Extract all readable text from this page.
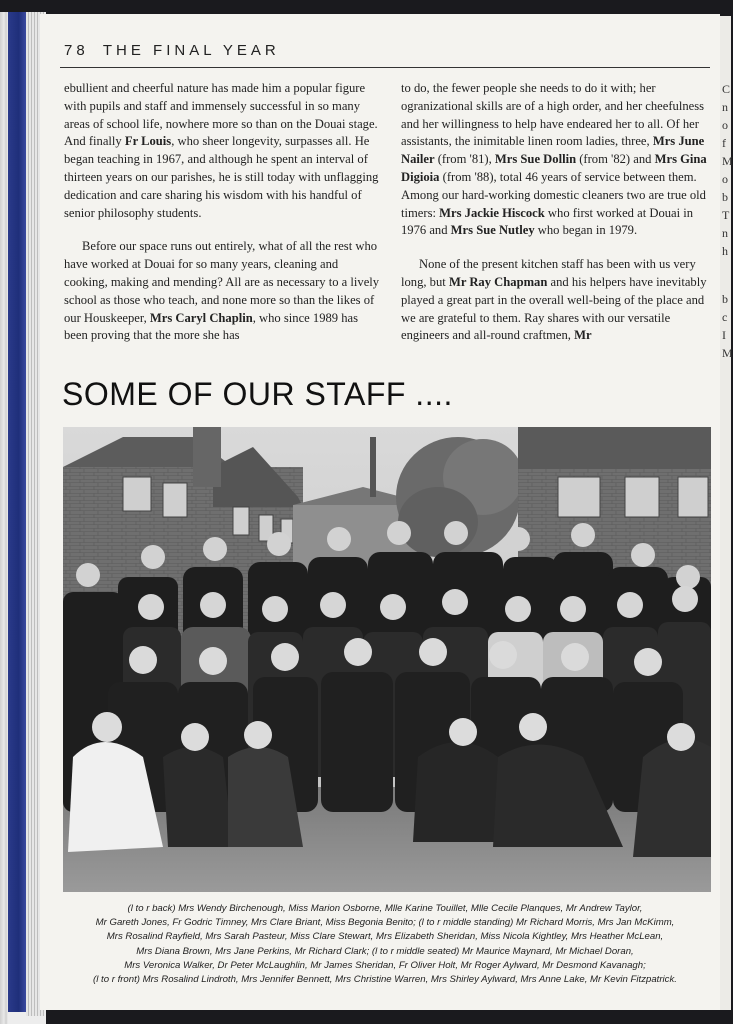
78 THE FINAL YEAR

ebullient and cheerful nature has made him a popular figure with pupils and staff and immensely successful in so many areas of school life, nowhere more so than on the Douai stage. And finally Fr Louis, who sheer longevity, surpasses all. He began teaching in 1967, and although he spent an interval of thirteen years on our parishes, he is still today with unflagging dedication and care sharing his wisdom with his handful of senior philosophy students.

Before our space runs out entirely, what of all the rest who have worked at Douai for so many years, cleaning and cooking, making and mending? All are as necessary to a lively school as those who teach, and none more so than the likes of our Houskeeper, Mrs Caryl Chaplin, who since 1989 has been proving that the more she has

to do, the fewer people she needs to do it with; her ogranizational skills are of a high order, and her cheefulness and her willingness to help have endeared her to all. Of her assistants, the inimitable linen room ladies, three, Mrs June Nailer (from '81), Mrs Sue Dollin (from '82) and Mrs Gina Digioia (from '88), total 46 years of service between them. Among our hard-working domestic cleaners two are true old timers: Mrs Jackie Hiscock who first worked at Douai in 1976 and Mrs Sue Nutley who began in 1979.

None of the present kitchen staff has been with us very long, but Mr Ray Chapman and his helpers have inevitably played a great part in the overall well-being of the place and we are grateful to them. Ray shares with our versatile engineers and all-round craftmen, Mr

SOME OF OUR STAFF ....
(l to r back) Mrs Wendy Birchenough, Miss Marion Osborne, Mlle Karine Touillet, Mlle Cecile Planques, Mr Andrew Taylor,
Mr Gareth Jones, Fr Godric Timney, Mrs Clare Briant, Miss Begonia Benito; (l to r middle standing) Mr Richard Morris, Mrs Jan McKimm,
Mrs Rosalind Rayfield, Mrs Sarah Pasteur, Miss Clare Stewart, Mrs Elizabeth Sheridan, Miss Nicola Kightley, Mrs Heather McLean,
Mrs Diana Brown, Mrs Jane Perkins, Mr Richard Clark; (l to r middle seated) Mr Maurice Maynard, Mr Michael Doran,
Mrs Veronica Walker, Dr Peter McLaughlin, Mr James Sheridan, Fr Oliver Holt, Mr Roger Aylward, Mr Desmond Kavanagh;
(l to r front) Mrs Rosalind Lindroth, Mrs Jennifer Bennett, Mrs Christine Warren, Mrs Shirley Aylward, Mrs Anne Lake, Mr Kevin Fitzpatrick.
C
n
o
f
M
o
b
T
n
h
b
c
I
M
